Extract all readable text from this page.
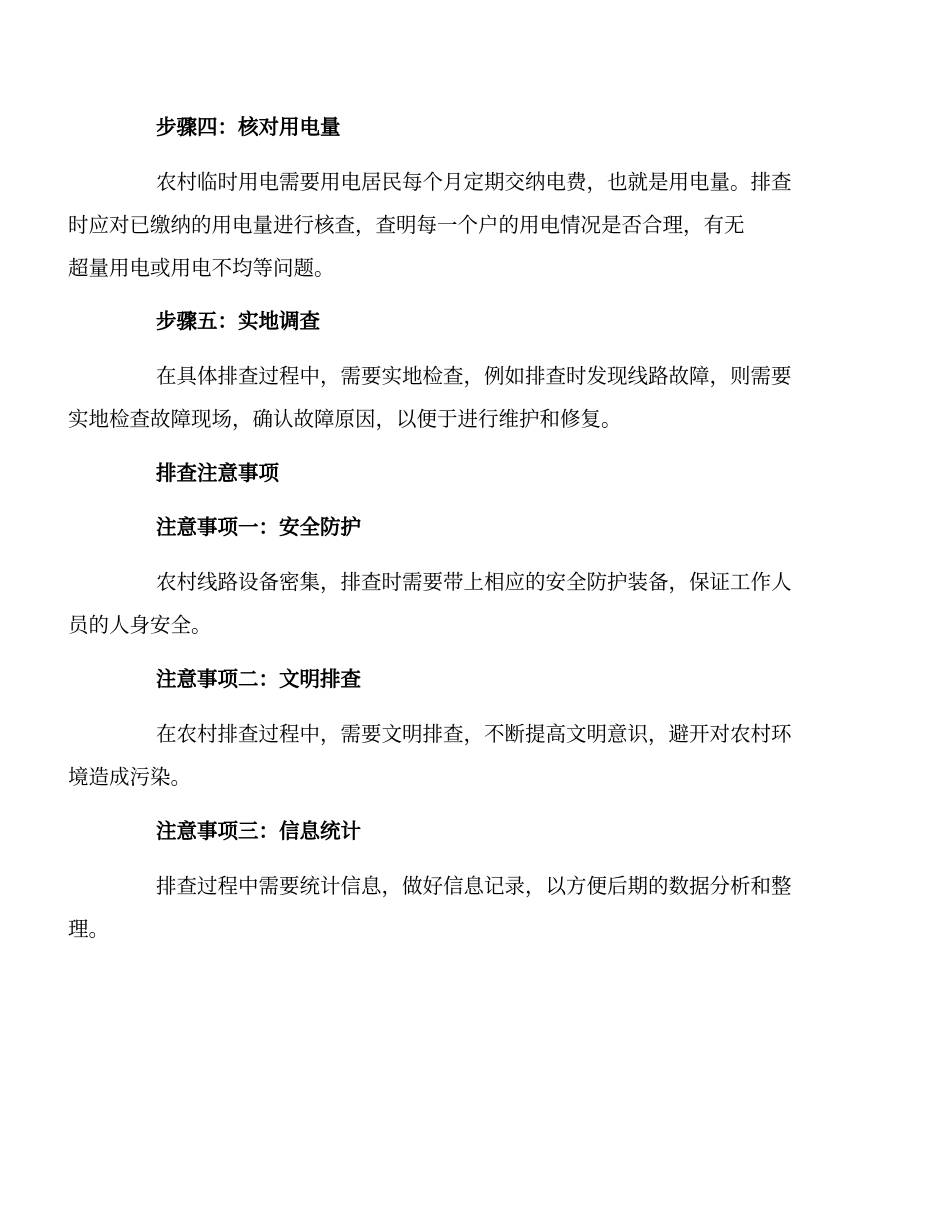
步骤四：核对用电量
农村临时用电需要用电居民每个月定期交纳电费，也就是用电量。排查
时应对已缴纳的用电量进行核查，查明每一个户的用电情况是否合理，有无
超量用电或用电不均等问题。
步骤五：实地调查
在具体排查过程中，需要实地检查，例如排查时发现线路故障，则需要
实地检查故障现场，确认故障原因，以便于进行维护和修复。
排查注意事项
注意事项一：安全防护
农村线路设备密集，排查时需要带上相应的安全防护装备，保证工作人
员的人身安全。
注意事项二：文明排查
在农村排查过程中，需要文明排查，不断提高文明意识，避开对农村环
境造成污染。
注意事项三：信息统计
排查过程中需要统计信息，做好信息记录，以方便后期的数据分析和整
理。
